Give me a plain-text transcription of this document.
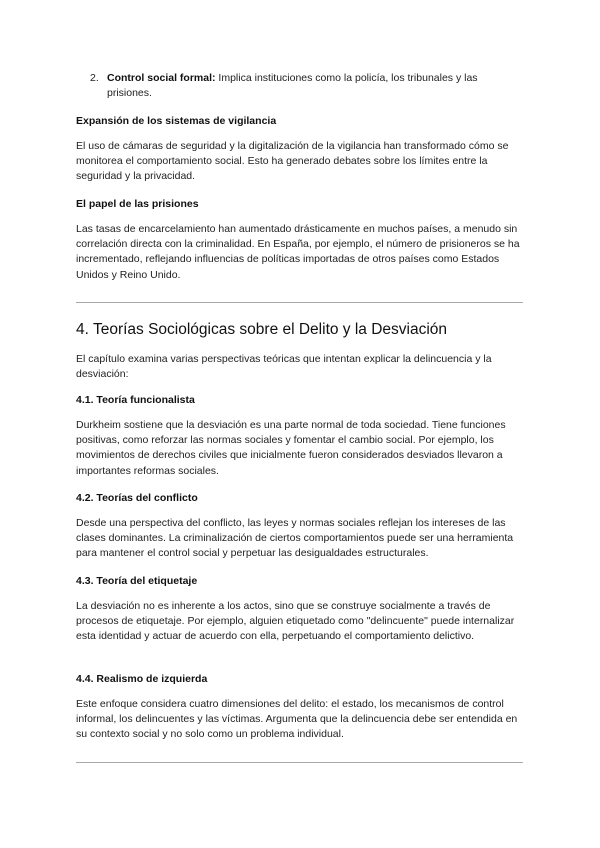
2. Control social formal: Implica instituciones como la policía, los tribunales y las prisiones.
Expansión de los sistemas de vigilancia

El uso de cámaras de seguridad y la digitalización de la vigilancia han transformado cómo se monitorea el comportamiento social. Esto ha generado debates sobre los límites entre la seguridad y la privacidad.

El papel de las prisiones

Las tasas de encarcelamiento han aumentado drásticamente en muchos países, a menudo sin correlación directa con la criminalidad. En España, por ejemplo, el número de prisioneros se ha incrementado, reflejando influencias de políticas importadas de otros países como Estados Unidos y Reino Unido.

4. Teorías Sociológicas sobre el Delito y la Desviación

El capítulo examina varias perspectivas teóricas que intentan explicar la delincuencia y la desviación:

4.1. Teoría funcionalista

Durkheim sostiene que la desviación es una parte normal de toda sociedad. Tiene funciones positivas, como reforzar las normas sociales y fomentar el cambio social. Por ejemplo, los movimientos de derechos civiles que inicialmente fueron considerados desviados llevaron a importantes reformas sociales.

4.2. Teorías del conflicto

Desde una perspectiva del conflicto, las leyes y normas sociales reflejan los intereses de las clases dominantes. La criminalización de ciertos comportamientos puede ser una herramienta para mantener el control social y perpetuar las desigualdades estructurales.

4.3. Teoría del etiquetaje

La desviación no es inherente a los actos, sino que se construye socialmente a través de procesos de etiquetaje. Por ejemplo, alguien etiquetado como "delincuente" puede internalizar esta identidad y actuar de acuerdo con ella, perpetuando el comportamiento delictivo.

4.4. Realismo de izquierda

Este enfoque considera cuatro dimensiones del delito: el estado, los mecanismos de control informal, los delincuentes y las víctimas. Argumenta que la delincuencia debe ser entendida en su contexto social y no solo como un problema individual.
